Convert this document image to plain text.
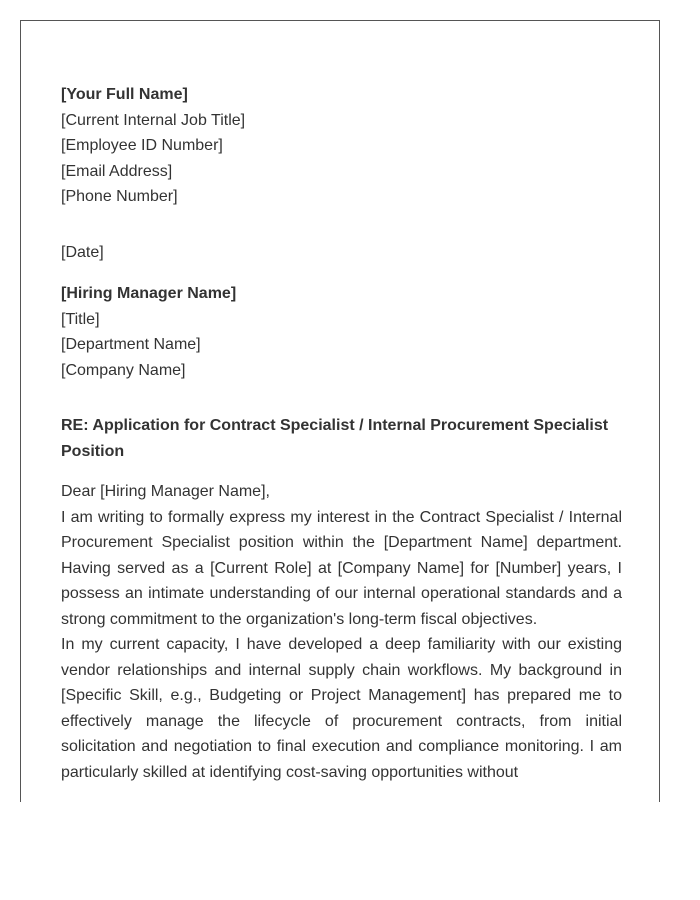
[Your Full Name]
[Current Internal Job Title]
[Employee ID Number]
[Email Address]
[Phone Number]
[Date]
[Hiring Manager Name]
[Title]
[Department Name]
[Company Name]
RE: Application for Contract Specialist / Internal Procurement Specialist Position
Dear [Hiring Manager Name],

I am writing to formally express my interest in the Contract Specialist / Internal Procurement Specialist position within the [Department Name] department. Having served as a [Current Role] at [Company Name] for [Number] years, I possess an intimate understanding of our internal operational standards and a strong commitment to the organization's long-term fiscal objectives.

In my current capacity, I have developed a deep familiarity with our existing vendor relationships and internal supply chain workflows. My background in [Specific Skill, e.g., Budgeting or Project Management] has prepared me to effectively manage the lifecycle of procurement contracts, from initial solicitation and negotiation to final execution and compliance monitoring. I am particularly skilled at identifying cost-saving opportunities without
